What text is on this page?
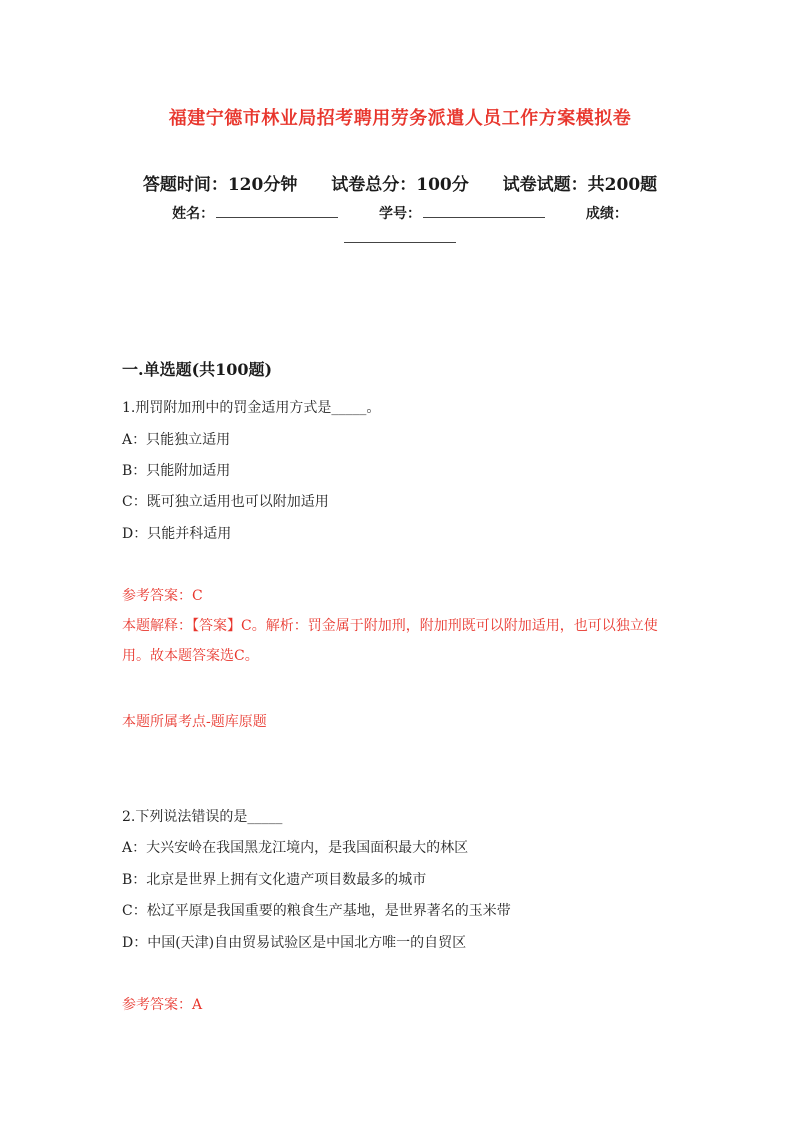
福建宁德市林业局招考聘用劳务派遣人员工作方案模拟卷
答题时间：120分钟 试卷总分：100分 试卷试题：共200题
姓名：	学号：	成绩：
一.单选题(共100题)
1.刑罚附加刑中的罚金适用方式是_____。
A：只能独立适用
B：只能附加适用
C：既可独立适用也可以附加适用
D：只能并科适用
参考答案：C
本题解释：【答案】C。解析：罚金属于附加刑，附加刑既可以附加适用，也可以独立使用。故本题答案选C。
本题所属考点-题库原题
2.下列说法错误的是_____
A：大兴安岭在我国黑龙江境内，是我国面积最大的林区
B：北京是世界上拥有文化遗产项目数最多的城市
C：松辽平原是我国重要的粮食生产基地，是世界著名的玉米带
D：中国(天津)自由贸易试验区是中国北方唯一的自贸区
参考答案：A
